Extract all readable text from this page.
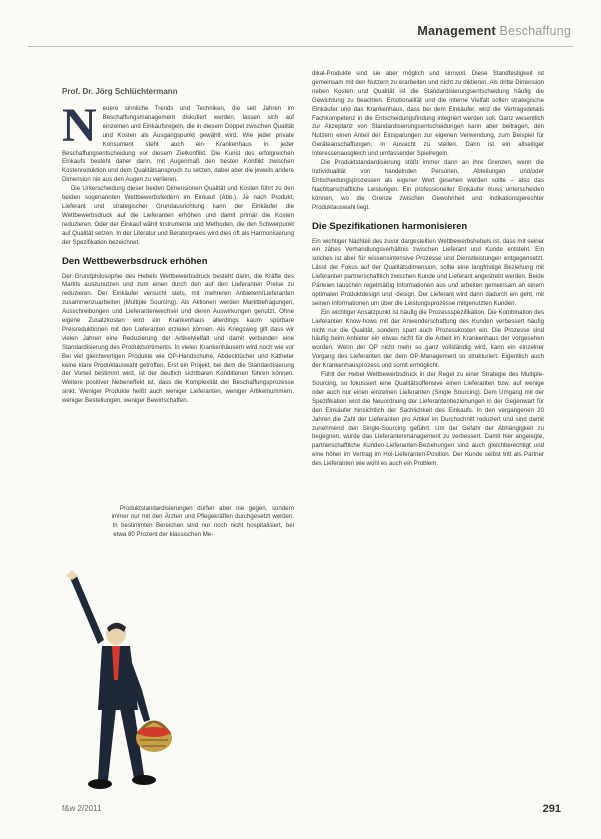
Management Beschaffung
Prof. Dr. Jörg Schlüchtermann

Neuere sinnliche Trends und Techniken, die seit Jahren im Beschaffungsmanagement diskutiert werden, lassen sich auf einzelnen und Einkaufsregeln, die in diesem Doppel zwischen Qualität und Kosten als Ausgangspunkt gewählt wird. Wie jeder private Konsument steht auch ein Krankenhaus in jeder Beschaffungsentscheidung vor diesem Zielkonflikt. Die Kunst des erfolgreichen Einkaufs besteht daher darin, mit Augenmaß den besten Konflikt zwischen Kostenreduktion und dem Qualitätsanspruch zu setzen, dabei aber die jeweils andere Dimension nie aus den Augen zu verlieren.

Die Unterscheidung dieser beiden Dimensionen Qualität und Kosten führt zu den beiden sogenannten Wettbewerbsfeldern im Einkauf (Abb.). Je nach Produkt, Lieferant und strategischer Grundausrichtung kann der Einkäufer die Wettbewerbsdruck auf die Lieferanten erhöhen und damit primär die Kosten reduzieren. Oder der Einkauf wählt Instrumente und Methoden, die den Schwerpunkt auf Qualität setzen. In der Literatur und Beraterpraxis wird dies oft als Harmonisierung der Spezifikation bezeichnet.

Den Wettbewerbsdruck erhöhen

Der Grundphilosophie des Hebels Wettbewerbsdruck besteht darin, die Kräfte des Markts auszunutzen und zum einen durch den auf den Lieferanten Preise zu reduzieren. Der Einkäufer versucht stets, mit mehreren Anbietern/Lieferanten zusammenzuarbeiten (Multiple Sourcing). Als Aktionen werden Marktbefragungen, Ausschreibungen und Lieferantenwechsel und deren Auswirkungen genutzt. Ohne eigene Zusatzkosten wird ein Krankenhaus allerdings kaum spürbare Preisreduktionen mit den Lieferanten erzielen können. Als Kriegsweg gilt dass wir vielen Jahren eine Reduzierung der Artikelvielfalt und damit verbunden eine Standardisierung des Produktsortiments. In vielen Krankenhäusern wird noch wie vor Bei viel gleichwertigen Produkte wie OP-Handschuhe, Abdecktücher und Katheter keine klare Produktauswahl getroffen. Erst ein Projekt, bei dem die Standardisierung der Vorteil bestimmt wird, ist der deutlich sichtbaren Konditionen führen können. Weitere positiver Nebeneffekt ist, dass die Komplexität der Beschaffungsprozesse sinkt. Weniger Produkte heißt auch weniger Lieferanten, weniger Artikelnummern, weniger Bestellungen, weniger Bewirtschaften.

Produktstandardisierungen dürfen aber nie gegen, sondern immer nur mit den Ärzten und Pflegekräften durchgesetzt werden. In bestimmten Bereichen sind nur noch nicht hospitalisiert, bei etwa 80 Prozent der klassischen Me-

dikal-Produkte sind sie aber möglich und sinnvoll. Diese Standfestigkeit ist gemeinsam mit den Nutzern zu erarbeiten und nicht zu diktieren. Als dritte Dimension neben Kosten und Qualität ist die Standardisierungsentscheidung häufig die Gewichtung zu beachten. Emotionalität und die interne Vielfalt sollen strategische Einkäufer und das Krankenhaus, dass bei dem Einkäufer, wird die Vertragsdetails Fachkompetenz in die Entscheidungsfindung integriert werden soll. Ganz wesentlich zur Akzeptanz von Standardisierungsentscheidungen kann aber beitragen, den Nutzern einen Anteil der Einsparungen zur eigenen Verwendung, zum Beispiel für Geräteanschaffungen, in Aussicht zu stellen. Dann ist ein allseitiger Interessenausgleich und umfassender Spielregeln.

Die Produktstandardisierung stößt immer dann an ihre Grenzen, wenn die Individualität von handelnden Personen, Abteilungen und/oder Entscheidungsprozessen als eigener Wert gesehen werden sollte – also das Nachbarschaftliche Leistungen. Ein professioneller Einkäufer muss unterscheiden können, wo die Grenze zwischen Gewohnheit und indikationsgerechter Produktauswahl liegt.

Die Spezifikationen harmonisieren

Ein wichtiger Nachteil des zuvor dargestellten Wettbewerbshebels ist, dass mit seiner ein zähes Verhandlungsverhältnis zwischen Lieferant und Kunde entsteht. Ein solches ist aber für wissensintensive Prozesse und Dienstleistungen entgegensetzt. Lässt der Fokus auf der Qualitätsdimension, sollte eine langfristige Beziehung mit Lieferanten partnerschaftlich zwischen Kunde und Lieferant angestrebt werden. Beide Parteien tauschen regelmäßig Informationen aus und arbeiten gemeinsam an einem optimalen Produktdesign und -design. Der Lieferant wird dann dadurch ein geht, mit seinen Informationen um über die Leistungsprozesse mitgenutzten Kunden.

Ein wichtiger Ansatzpunkt ist häufig die Prozessspezifikation. Die Kombination des Lieferanten Know-hows mit der Anwenderschaftung des Kunden verbessert häufig nicht nur die Qualität, sondern spart auch Prozesskosten ein. Die Prozesse sind häufig beim Anbieter ein etwas nicht für die Arbeit im Krankenhaus der vorgesehen worden. Wenn der OP nicht mehr so ganz vollständig wird, kann ein einzelner Vorgang des Lieferanten der dem OP-Management so strukturiert. Eigentlich auch der Krankenhausprozess und somit ermöglicht.

Fühlt der Hebel Wettbewerbsdruck in der Regel zu einer Strategie des Multiple-Sourcing, so fokussiert eine Qualitätsoffensive einen Lieferanten bzw. auf wenige oder auch nur einen einzelnen Lieferanten (Single Sourcing). Dem Umgang mit der Spezifikation wird die Neuordnung der Lieferantenbeziehungen in der Gegenwart für den Einkäufer hinsichtlich der Sachlichkeit des Einkaufs. In den vergangenen 20 Jahren die Zahl der Lieferanten pro Artikel im Durchschnitt reduziert und sind damit zunehmend den Single-Sourcing geführt. Um der Gefahr der Abhängigkeit zu begegnen, wurde das Lieferantenmanagement zu verbessert. Damit hier angelegte, partnerschaftliche Kunden-Lieferanten-Beziehungen sind auch gleichberechtigt und eine höher im Vertrag im Hol-Lieferanten-Position. Der Kunde selbst tritt als Partner des Lieferanten wie wohl es auch ein Problem.

f&w 2/2011	291
